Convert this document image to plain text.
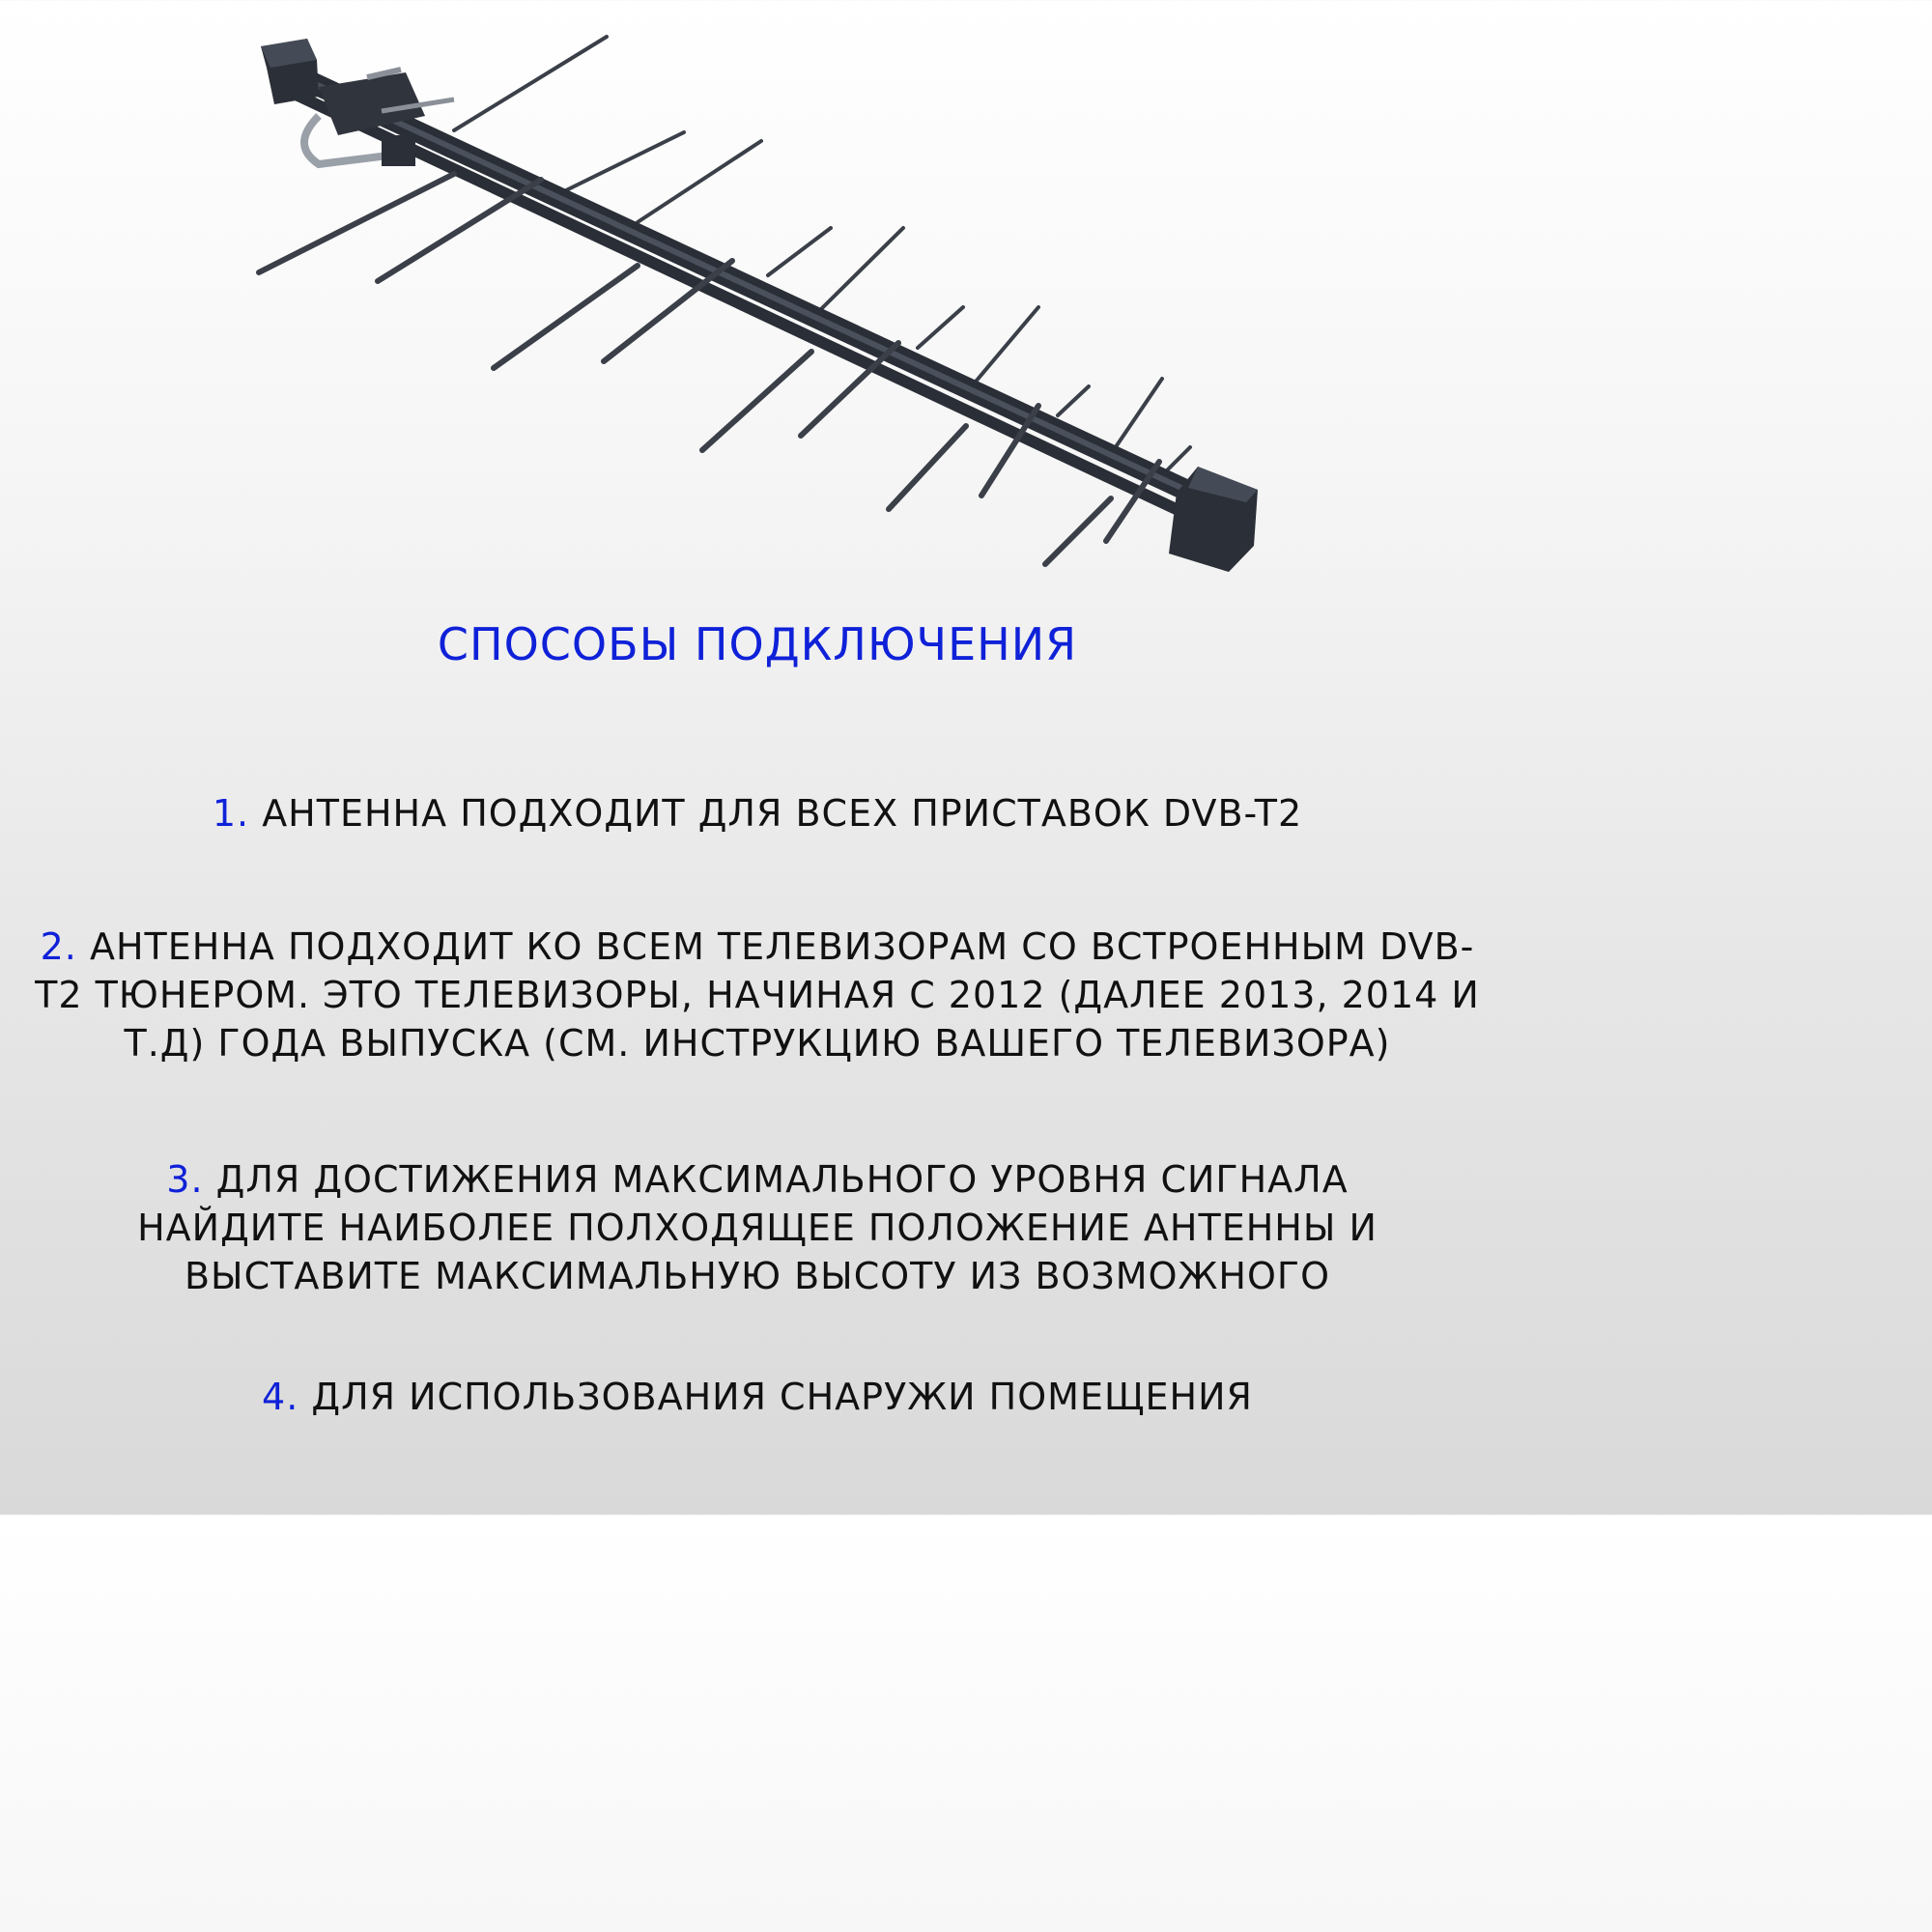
СПОСОБЫ ПОДКЛЮЧЕНИЯ
1. АНТЕННА ПОДХОДИТ ДЛЯ ВСЕХ ПРИСТАВОК DVB-T2
2. АНТЕННА ПОДХОДИТ КО ВСЕМ ТЕЛЕВИЗОРАМ СО ВСТРОЕННЫМ DVB-T2 ТЮНЕРОМ. ЭТО ТЕЛЕВИЗОРЫ, НАЧИНАЯ С 2012 (ДАЛЕЕ 2013, 2014 И Т.Д) ГОДА ВЫПУСКА (СМ. ИНСТРУКЦИЮ ВАШЕГО ТЕЛЕВИЗОРА)
3. ДЛЯ ДОСТИЖЕНИЯ МАКСИМАЛЬНОГО УРОВНЯ СИГНАЛА НАЙДИТЕ НАИБОЛЕЕ ПОЛХОДЯЩЕЕ ПОЛОЖЕНИЕ АНТЕННЫ И ВЫСТАВИТЕ МАКСИМАЛЬНУЮ ВЫСОТУ ИЗ ВОЗМОЖНОГО
4. ДЛЯ ИСПОЛЬЗОВАНИЯ СНАРУЖИ ПОМЕЩЕНИЯ
